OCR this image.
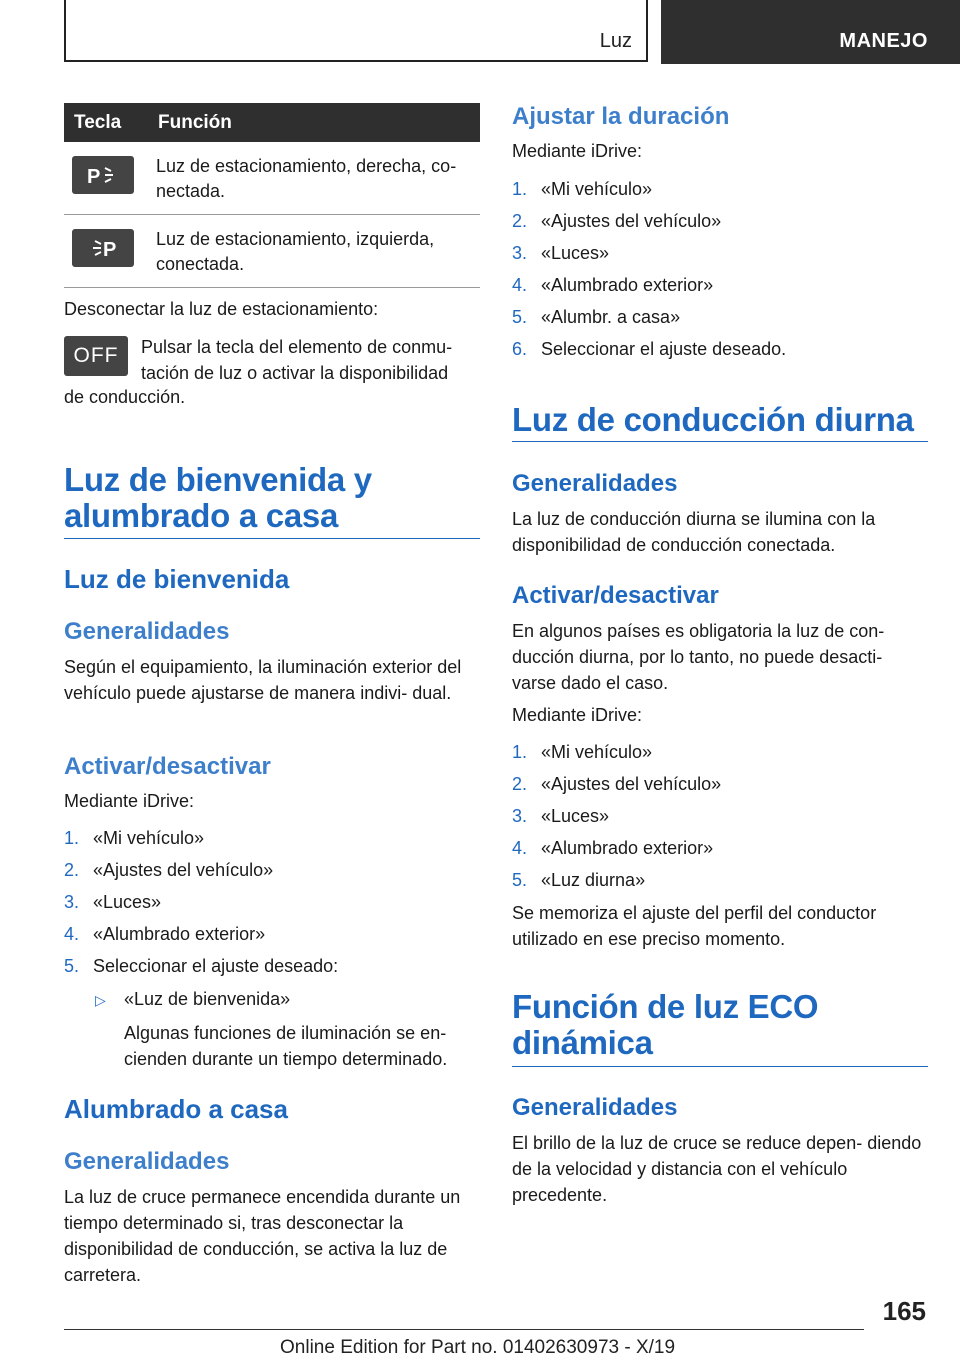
Luz	MANEJO
Tecla	Función

P	Luz de estacionamiento, derecha, co- nectada.

P	Luz de estacionamiento, izquierda, conectada.
Desconectar la luz de estacionamiento:
OFF	Pulsar la tecla del elemento de conmu-
tación de luz o activar la disponibilidad
de conducción.
Luz de bienvenida y
alumbrado a casa
Luz de bienvenida
Generalidades
Según el equipamiento, la iluminación exterior del vehículo puede ajustarse de manera indivi- dual.
Activar/desactivar
Mediante iDrive:
1. «Mi vehículo»
2. «Ajustes del vehículo»
3. «Luces»
4. «Alumbrado exterior»
5. Seleccionar el ajuste deseado:
▷ «Luz de bienvenida»
Algunas funciones de iluminación se en- cienden durante un tiempo determinado.
Alumbrado a casa
Generalidades
La luz de cruce permanece encendida durante un tiempo determinado si, tras desconectar la disponibilidad de conducción, se activa la luz de carretera.
Ajustar la duración
Mediante iDrive:
1. «Mi vehículo»
2. «Ajustes del vehículo»
3. «Luces»
4. «Alumbrado exterior»
5. «Alumbr. a casa»
6. Seleccionar el ajuste deseado.
Luz de conducción diurna
Generalidades
La luz de conducción diurna se ilumina con la disponibilidad de conducción conectada.
Activar/desactivar
En algunos países es obligatoria la luz de con- ducción diurna, por lo tanto, no puede desacti- varse dado el caso.
Mediante iDrive:
1. «Mi vehículo»
2. «Ajustes del vehículo»
3. «Luces»
4. «Alumbrado exterior»
5. «Luz diurna»
Se memoriza el ajuste del perfil del conductor utilizado en ese preciso momento.
Función de luz ECO
dinámica
Generalidades
El brillo de la luz de cruce se reduce depen- diendo de la velocidad y distancia con el vehículo precedente.
165
Online Edition for Part no. 01402630973 - X/19
